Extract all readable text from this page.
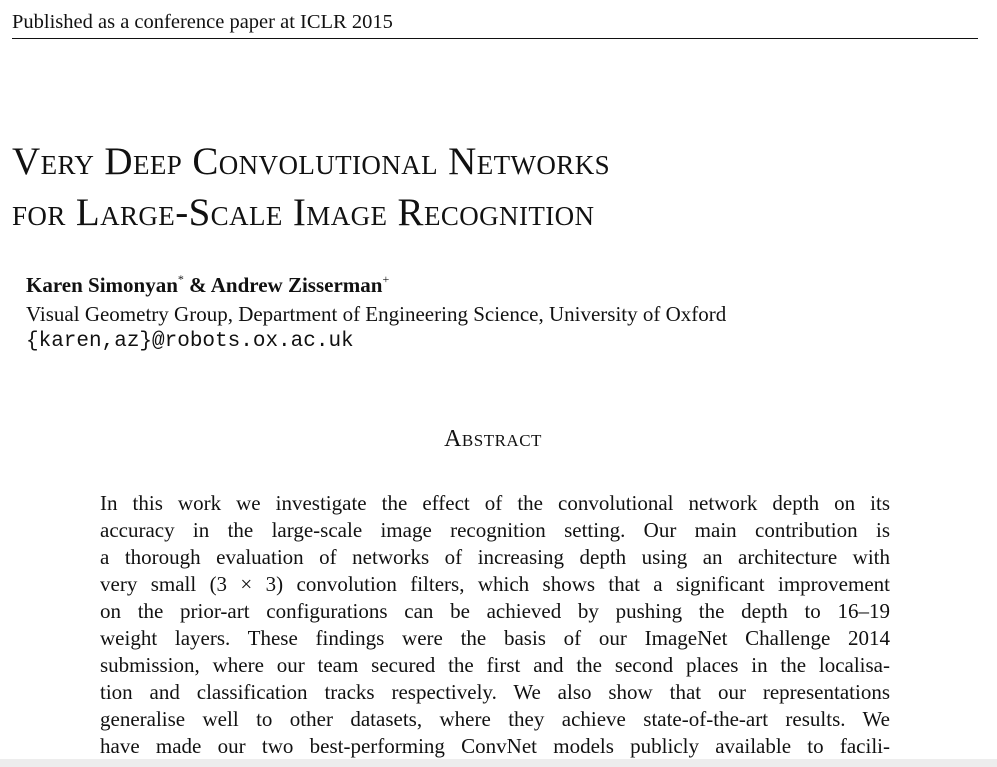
Published as a conference paper at ICLR 2015
Very Deep Convolutional Networks
for Large-Scale Image Recognition
Karen Simonyan* & Andrew Zisserman+
Visual Geometry Group, Department of Engineering Science, University of Oxford
{karen,az}@robots.ox.ac.uk
Abstract
In this work we investigate the effect of the convolutional network depth on its
accuracy in the large-scale image recognition setting. Our main contribution is
a thorough evaluation of networks of increasing depth using an architecture with
very small (3 × 3) convolution filters, which shows that a significant improvement
on the prior-art configurations can be achieved by pushing the depth to 16–19
weight layers. These findings were the basis of our ImageNet Challenge 2014
submission, where our team secured the first and the second places in the localisa-
tion and classification tracks respectively. We also show that our representations
generalise well to other datasets, where they achieve state-of-the-art results. We
have made our two best-performing ConvNet models publicly available to facili-
